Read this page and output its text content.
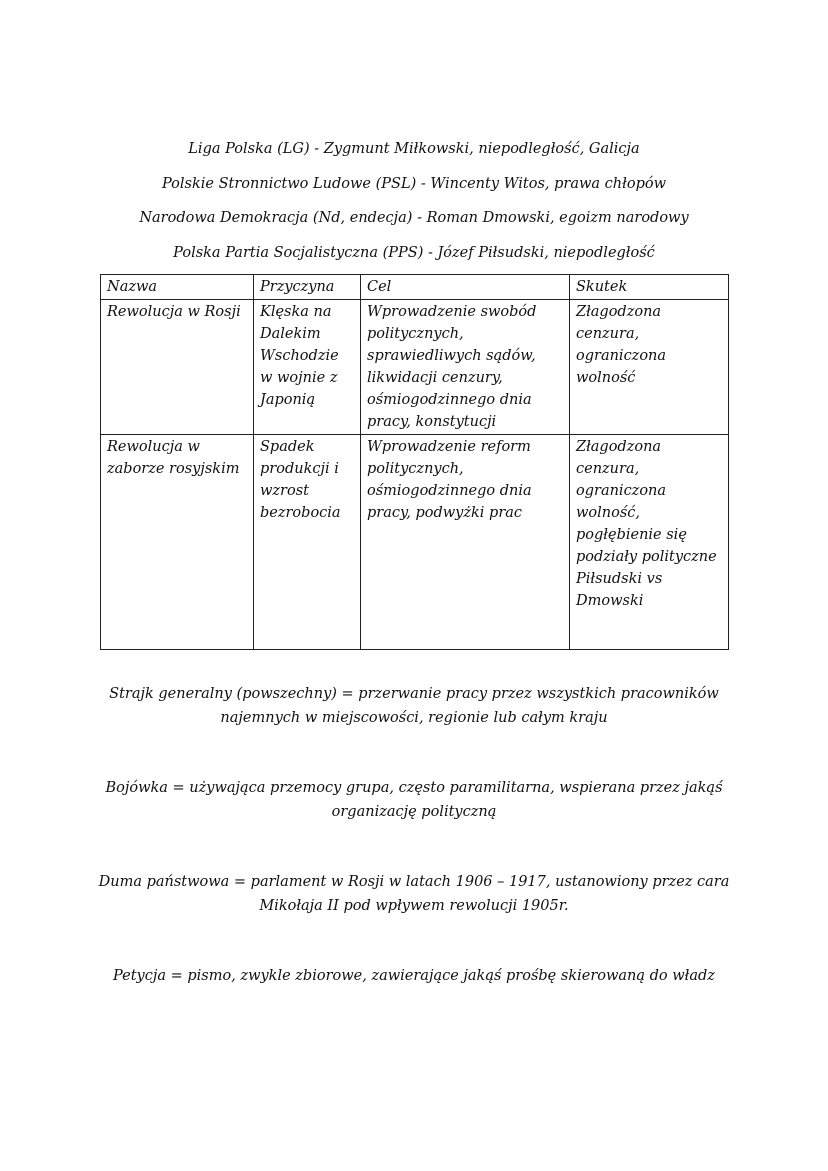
Liga Polska (LG) - Zygmunt Miłkowski, niepodległość, Galicja
Polskie Stronnictwo Ludowe (PSL) - Wincenty Witos, prawa chłopów
Narodowa Demokracja (Nd, endecja) - Roman Dmowski, egoizm narodowy
Polska Partia Socjalistyczna (PPS) - Józef Piłsudski, niepodległość
Nazwa	Przyczyna	Cel	Skutek
Rewolucja w Rosji	Klęska na Dalekim Wschodzie w wojnie z Japonią	Wprowadzenie swobód politycznych, sprawiedliwych sądów, likwidacji cenzury, ośmiogodzinnego dnia pracy, konstytucji	Złagodzona cenzura, ograniczona wolność
Rewolucja w zaborze rosyjskim	Spadek produkcji i wzrost bezrobocia	Wprowadzenie reform politycznych, ośmiogodzinnego dnia pracy, podwyżki prac	Złagodzona cenzura, ograniczona wolność, pogłębienie się podziały polityczne Piłsudski vs Dmowski

Strajk generalny (powszechny) = przerwanie pracy przez wszystkich pracowników najemnych w miejscowości, regionie lub całym kraju

Bojówka = używająca przemocy grupa, często paramilitarna, wspierana przez jakąś organizację polityczną

Duma państwowa = parlament w Rosji w latach 1906 – 1917, ustanowiony przez cara Mikołaja II pod wpływem rewolucji 1905r.

Petycja = pismo, zwykle zbiorowe, zawierające jakąś prośbę skierowaną do władz
